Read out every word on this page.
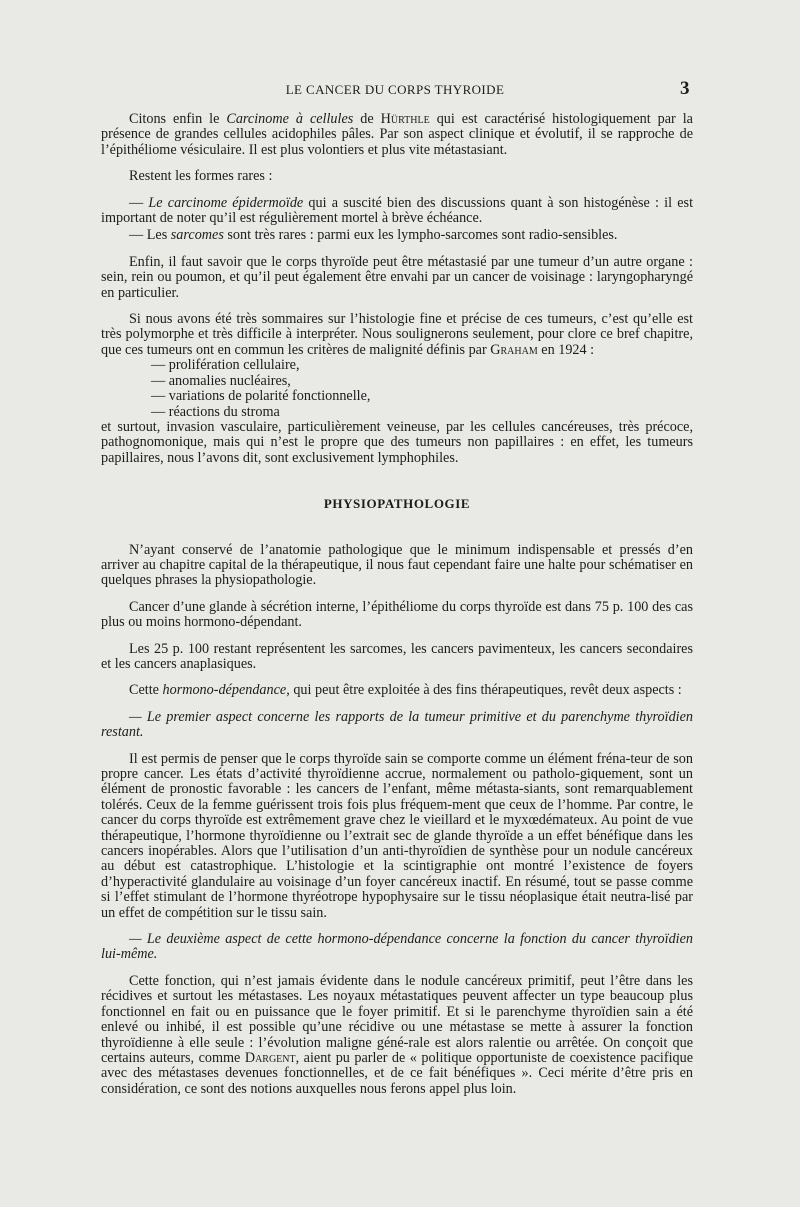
LE CANCER DU CORPS THYROIDE	3

Citons enfin le Carcinome à cellules de Hürthle qui est caractérisé histologiquement par la présence de grandes cellules acidophiles pâles. Par son aspect clinique et évolutif, il se rapproche de l’épithéliome vésiculaire. Il est plus volontiers et plus vite métastasiant.

Restent les formes rares :

— Le carcinome épidermoïde qui a suscité bien des discussions quant à son histogénèse : il est important de noter qu’il est régulièrement mortel à brève échéance.

— Les sarcomes sont très rares : parmi eux les lympho-sarcomes sont radio-sensibles.

Enfin, il faut savoir que le corps thyroïde peut être métastasié par une tumeur d’un autre organe : sein, rein ou poumon, et qu’il peut également être envahi par un cancer de voisinage : laryngopharyngé en particulier.

Si nous avons été très sommaires sur l’histologie fine et précise de ces tumeurs, c’est qu’elle est très polymorphe et très difficile à interpréter. Nous soulignerons seulement, pour clore ce bref chapitre, que ces tumeurs ont en commun les critères de malignité définis par Graham en 1924 :

— prolifération cellulaire,
— anomalies nucléaires,
— variations de polarité fonctionnelle,
— réactions du stroma

et surtout, invasion vasculaire, particulièrement veineuse, par les cellules cancéreuses, très précoce, pathognomonique, mais qui n’est le propre que des tumeurs non papillaires : en effet, les tumeurs papillaires, nous l’avons dit, sont exclusivement lymphophiles.

PHYSIOPATHOLOGIE

N’ayant conservé de l’anatomie pathologique que le minimum indispensable et pressés d’en arriver au chapitre capital de la thérapeutique, il nous faut cependant faire une halte pour schématiser en quelques phrases la physiopathologie.

Cancer d’une glande à sécrétion interne, l’épithéliome du corps thyroïde est dans 75 p. 100 des cas plus ou moins hormono-dépendant.

Les 25 p. 100 restant représentent les sarcomes, les cancers pavimenteux, les cancers secondaires et les cancers anaplasiques.

Cette hormono-dépendance, qui peut être exploitée à des fins thérapeutiques, revêt deux aspects :

— Le premier aspect concerne les rapports de la tumeur primitive et du parenchyme thyroïdien restant.

Il est permis de penser que le corps thyroïde sain se comporte comme un élément fréna-teur de son propre cancer. Les états d’activité thyroïdienne accrue, normalement ou patholo-giquement, sont un élément de pronostic favorable : les cancers de l’enfant, même métasta-siants, sont remarquablement tolérés. Ceux de la femme guérissent trois fois plus fréquem-ment que ceux de l’homme. Par contre, le cancer du corps thyroïde est extrêmement grave chez le vieillard et le myxœdémateux. Au point de vue thérapeutique, l’hormone thyroïdienne ou l’extrait sec de glande thyroïde a un effet bénéfique dans les cancers inopérables. Alors que l’utilisation d’un anti-thyroïdien de synthèse pour un nodule cancéreux au début est catastrophique. L’histologie et la scintigraphie ont montré l’existence de foyers d’hyperactivité glandulaire au voisinage d’un foyer cancéreux inactif. En résumé, tout se passe comme si l’effet stimulant de l’hormone thyréotrope hypophysaire sur le tissu néoplasique était neutra-lisé par un effet de compétition sur le tissu sain.

— Le deuxième aspect de cette hormono-dépendance concerne la fonction du cancer thyroïdien lui-même.

Cette fonction, qui n’est jamais évidente dans le nodule cancéreux primitif, peut l’être dans les récidives et surtout les métastases. Les noyaux métastatiques peuvent affecter un type beaucoup plus fonctionnel en fait ou en puissance que le foyer primitif. Et si le parenchyme thyroïdien sain a été enlevé ou inhibé, il est possible qu’une récidive ou une métastase se mette à assurer la fonction thyroïdienne à elle seule : l’évolution maligne géné-rale est alors ralentie ou arrêtée. On conçoit que certains auteurs, comme Dargent, aient pu parler de « politique opportuniste de coexistence pacifique avec des métastases devenues fonctionnelles, et de ce fait bénéfiques ». Ceci mérite d’être pris en considération, ce sont des notions auxquelles nous ferons appel plus loin.
